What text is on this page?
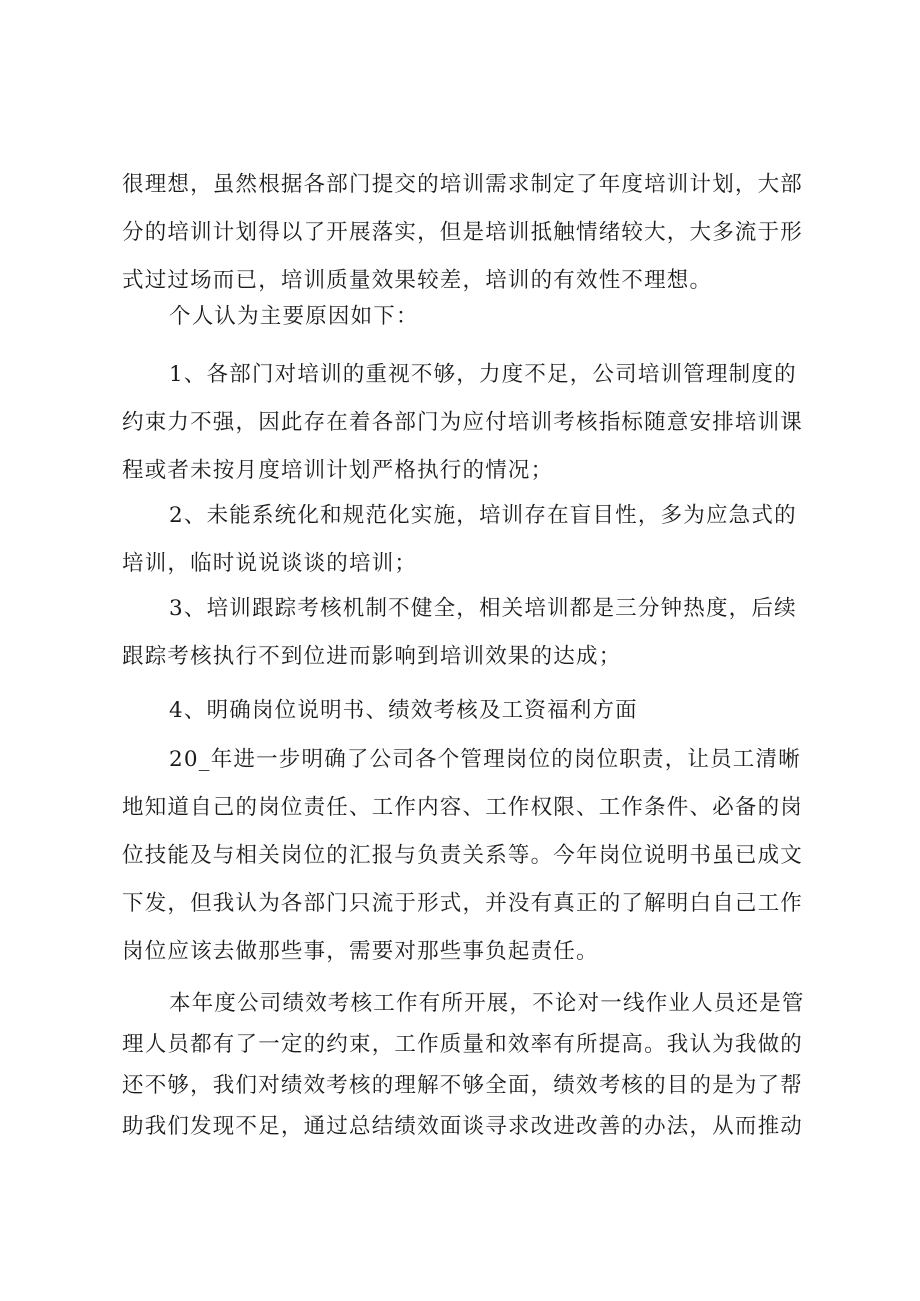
很理想，虽然根据各部门提交的培训需求制定了年度培训计划，大部
分的培训计划得以了开展落实，但是培训抵触情绪较大，大多流于形
式过过场而已，培训质量效果较差，培训的有效性不理想。
个人认为主要原因如下：
1、各部门对培训的重视不够，力度不足，公司培训管理制度的
约束力不强，因此存在着各部门为应付培训考核指标随意安排培训课
程或者未按月度培训计划严格执行的情况；
2、未能系统化和规范化实施，培训存在盲目性，多为应急式的
培训，临时说说谈谈的培训；
3、培训跟踪考核机制不健全，相关培训都是三分钟热度，后续
跟踪考核执行不到位进而影响到培训效果的达成；
4、明确岗位说明书、绩效考核及工资福利方面
20_年进一步明确了公司各个管理岗位的岗位职责，让员工清晰
地知道自己的岗位责任、工作内容、工作权限、工作条件、必备的岗
位技能及与相关岗位的汇报与负责关系等。今年岗位说明书虽已成文
下发，但我认为各部门只流于形式，并没有真正的了解明白自己工作
岗位应该去做那些事，需要对那些事负起责任。
本年度公司绩效考核工作有所开展，不论对一线作业人员还是管
理人员都有了一定的约束，工作质量和效率有所提高。我认为我做的
还不够，我们对绩效考核的理解不够全面，绩效考核的目的是为了帮
助我们发现不足，通过总结绩效面谈寻求改进改善的办法，从而推动
